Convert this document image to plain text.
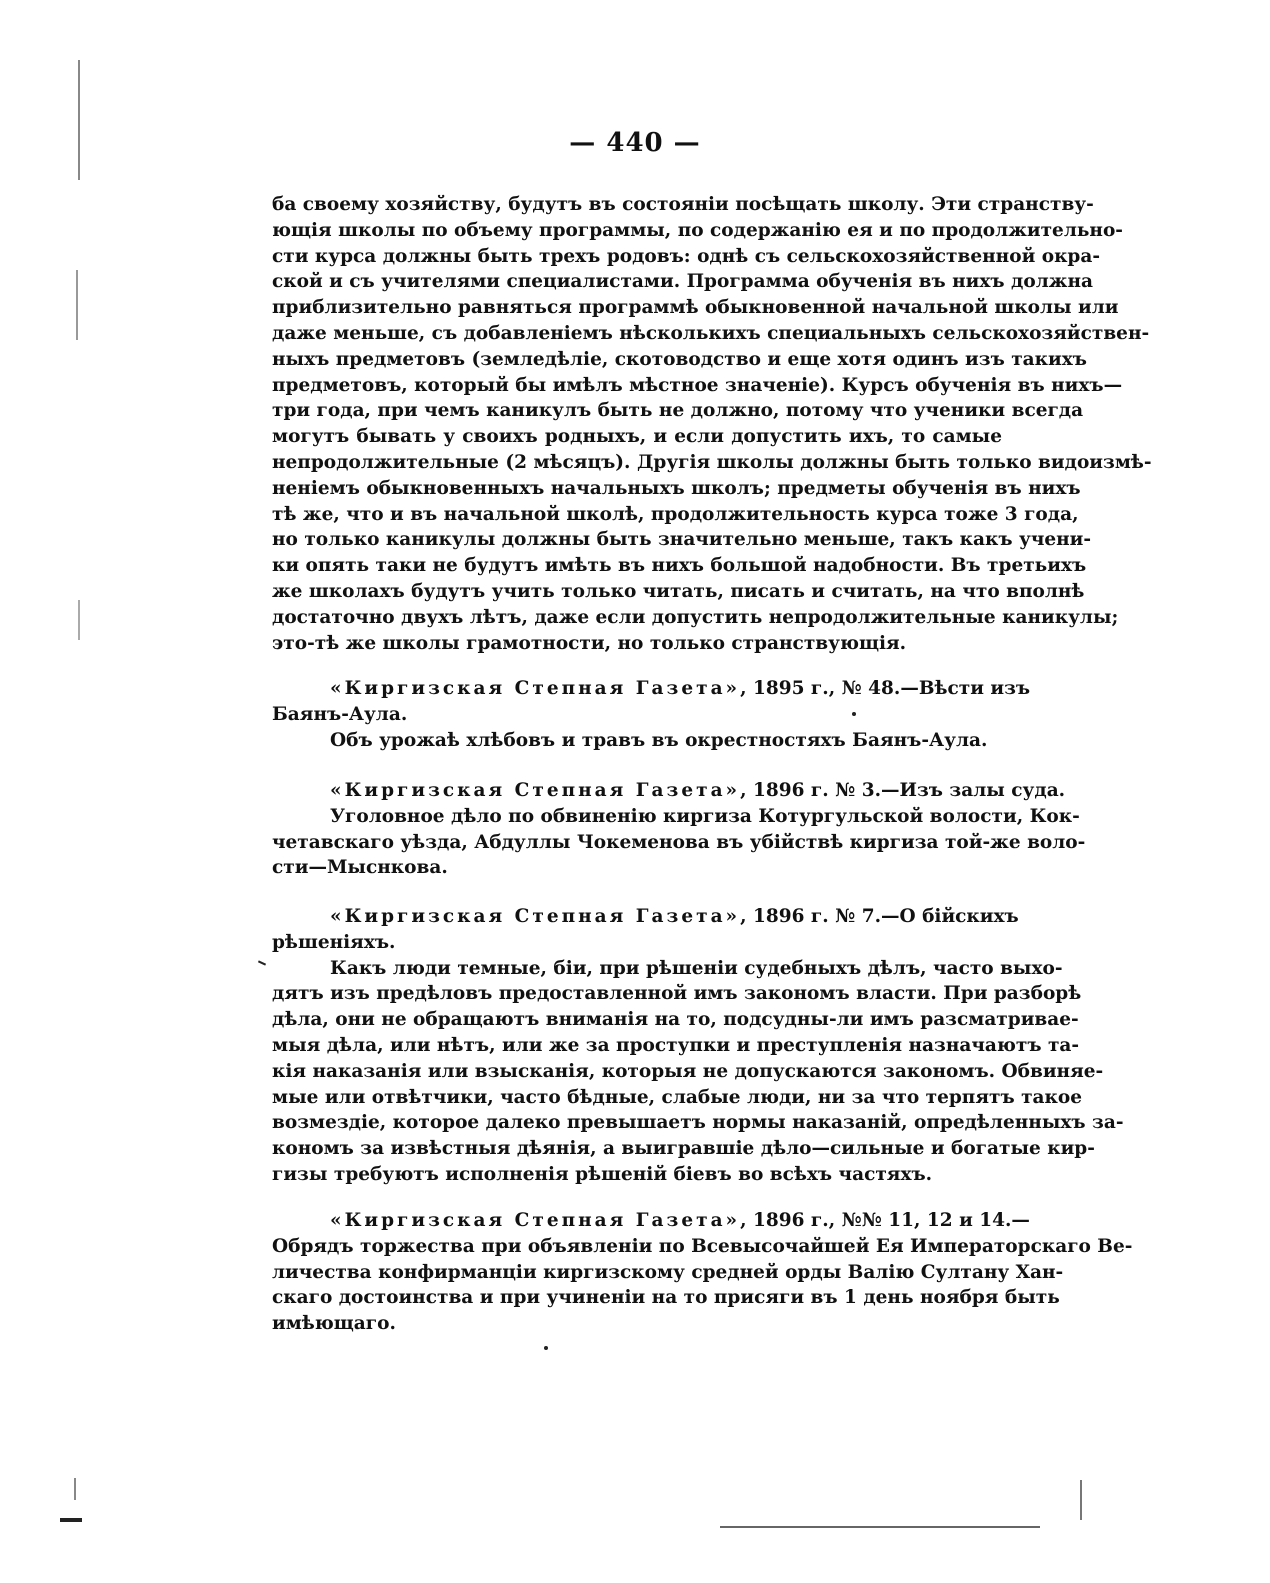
— 440 —
ба своему хозяйству, будутъ въ состоянiи посѣщать школу. Эти странству-
ющiя школы по объему программы, по содержанiю ея и по продолжительно-
сти курса должны быть трехъ родовъ: однѣ съ сельскохозяйственной окра-
ской и съ учителями специалистами. Программа обученiя въ нихъ должна
приблизительно равняться программѣ обыкновенной начальной школы или
даже меньше, съ добавленiемъ нѣсколькихъ специальныхъ сельскохозяйствен-
ныхъ предметовъ (земледѣлiе, скотоводство и еще хотя одинъ изъ такихъ
предметовъ, который бы имѣлъ мѣстное значенiе). Курсъ обученiя въ нихъ—
три года, при чемъ каникулъ быть не должно, потому что ученики всегда
могутъ бывать у своихъ родныхъ, и если допустить ихъ, то самые
непродолжительные (2 мѣсяцъ). Другiя школы должны быть только видоизмѣ-
ненiемъ обыкновенныхъ начальныхъ школъ; предметы обученiя въ нихъ
тѣ же, что и въ начальной школѣ, продолжительность курса тоже 3 года,
но только каникулы должны быть значительно меньше, такъ какъ учени-
ки опять таки не будутъ имѣть въ нихъ большой надобности. Въ третьихъ
же школахъ будутъ учить только читать, писать и считать, на что вполнѣ
достаточно двухъ лѣтъ, даже если допустить непродолжительные каникулы;
это-тѣ же школы грамотности, но только странствующiя.
«Киргизская Степная Газета», 1895 г., № 48.—Вѣсти изъ
Баянъ-Аула.
Объ урожаѣ хлѣбовъ и травъ въ окрестностяхъ Баянъ-Аула.
«Киргизская Степная Газета», 1896 г. № 3.—Изъ залы суда.
Уголовное дѣло по обвиненiю киргиза Котургульской волости, Кок-
четавскаго уѣзда, Абдуллы Чокеменова въ убiйствѣ киргиза той-же воло-
сти—Мыснкова.
«Киргизская Степная Газета», 1896 г. № 7.—О бiйскихъ
рѣшенiяхъ.
Какъ люди темные, бiи, при рѣшенiи судебныхъ дѣлъ, часто выхо-
дятъ изъ предѣловъ предоставленной имъ закономъ власти. При разборѣ
дѣла, они не обращаютъ вниманiя на то, подсудны-ли имъ разсматривае-
мыя дѣла, или нѣтъ, или же за проступки и преступленiя назначаютъ та-
кiя наказанiя или взысканiя, которыя не допускаются закономъ. Обвиняе-
мые или отвѣтчики, часто бѣдные, слабые люди, ни за что терпятъ такое
возмездiе, которое далеко превышаетъ нормы наказанiй, опредѣленныхъ за-
кономъ за извѣстныя дѣянiя, а выигравшiе дѣло—сильные и богатые кир-
гизы требуютъ исполненiя рѣшенiй бiевъ во всѣхъ частяхъ.
«Киргизская Степная Газета», 1896 г., №№ 11, 12 и 14.—
Обрядъ торжества при объявленiи по Всевысочайшей Ея Императорскаго Ве-
личества конфирманцiи киргизскому средней орды Валiю Султану Хан-
скаго достоинства и при учиненiи на то присяги въ 1 день ноября быть
имѣющаго.
